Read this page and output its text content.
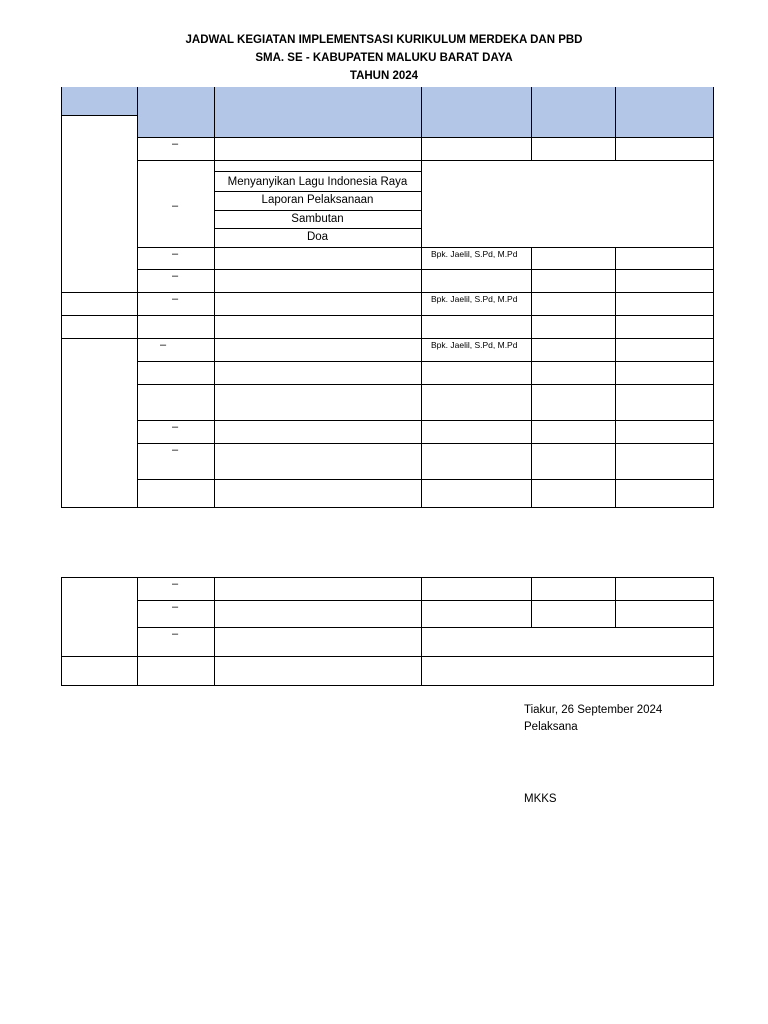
JADWAL KEGIATAN IMPLEMENTSASI KURIKULUM MERDEKA DAN PBD
SMA. SE - KABUPATEN MALUKU BARAT DAYA
TAHUN 2024
–
–
–
–
–
–
–
–
Menyanyikan Lagu Indonesia Raya
Laporan Pelaksanaan
Sambutan
Doa
Bpk. Jaelil, S.Pd, M.Pd
Bpk. Jaelil, S.Pd, M.Pd
Bpk. Jaelil, S.Pd, M.Pd
–
–
–
Tiakur, 26 September 2024
Pelaksana
MKKS
